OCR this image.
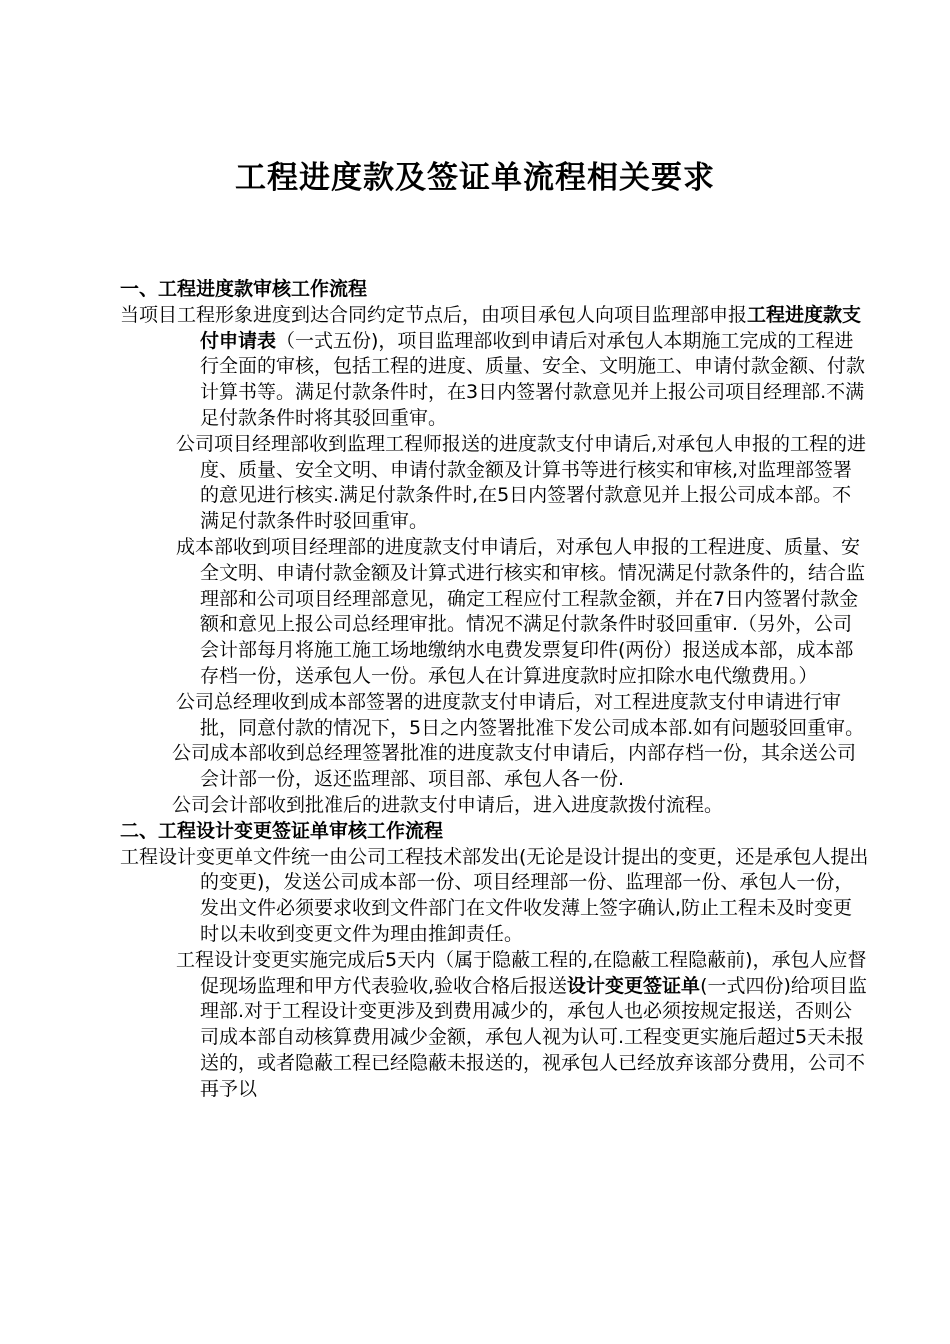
工程进度款及签证单流程相关要求

一、工程进度款审核工作流程

当项目工程形象进度到达合同约定节点后，由项目承包人向项目监理部申报工程进度款支付申请表（一式五份)，项目监理部收到申请后对承包人本期施工完成的工程进行全面的审核，包括工程的进度、质量、安全、文明施工、申请付款金额、付款计算书等。满足付款条件时，在3日内签署付款意见并上报公司项目经理部.不满足付款条件时将其驳回重审。

公司项目经理部收到监理工程师报送的进度款支付申请后,对承包人申报的工程的进度、质量、安全文明、申请付款金额及计算书等进行核实和审核,对监理部签署的意见进行核实.满足付款条件时,在5日内签署付款意见并上报公司成本部。不满足付款条件时驳回重审。

成本部收到项目经理部的进度款支付申请后，对承包人申报的工程进度、质量、安全文明、申请付款金额及计算式进行核实和审核。情况满足付款条件的，结合监理部和公司项目经理部意见，确定工程应付工程款金额，并在7日内签署付款金额和意见上报公司总经理审批。情况不满足付款条件时驳回重审.（另外，公司会计部每月将施工施工场地缴纳水电费发票复印件(两份）报送成本部，成本部存档一份，送承包人一份。承包人在计算进度款时应扣除水电代缴费用。）

公司总经理收到成本部签署的进度款支付申请后，对工程进度款支付申请进行审批，同意付款的情况下，5日之内签署批准下发公司成本部.如有问题驳回重审。

公司成本部收到总经理签署批准的进度款支付申请后，内部存档一份，其余送公司会计部一份，返还监理部、项目部、承包人各一份.

公司会计部收到批准后的进款支付申请后，进入进度款拨付流程。

二、工程设计变更签证单审核工作流程

工程设计变更单文件统一由公司工程技术部发出(无论是设计提出的变更，还是承包人提出的变更)，发送公司成本部一份、项目经理部一份、监理部一份、承包人一份，发出文件必须要求收到文件部门在文件收发薄上签字确认,防止工程未及时变更时以未收到变更文件为理由推卸责任。

工程设计变更实施完成后5天内（属于隐蔽工程的,在隐蔽工程隐蔽前)，承包人应督促现场监理和甲方代表验收,验收合格后报送设计变更签证单(一式四份)给项目监理部.对于工程设计变更涉及到费用减少的，承包人也必须按规定报送，否则公司成本部自动核算费用减少金额，承包人视为认可.工程变更实施后超过5天未报送的，或者隐蔽工程已经隐蔽未报送的，视承包人已经放弃该部分费用，公司不再予以
